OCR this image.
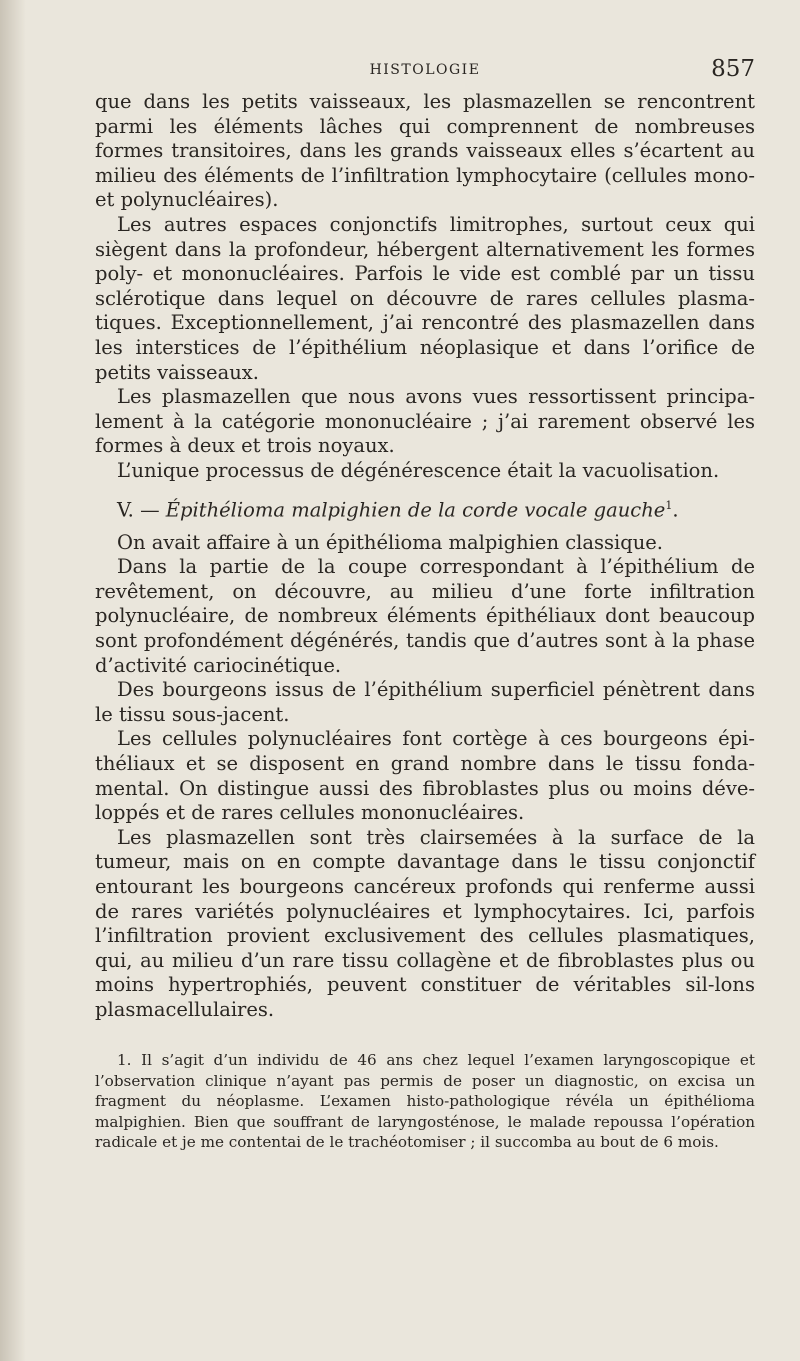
HISTOLOGIE	857

que dans les petits vaisseaux, les plasmazellen se rencontrent parmi les éléments lâches qui comprennent de nombreuses formes transitoires, dans les grands vaisseaux elles s’écartent au milieu des éléments de l’infiltration lymphocytaire (cellules mono- et polynucléaires).

Les autres espaces conjonctifs limitrophes, surtout ceux qui siègent dans la profondeur, hébergent alternativement les formes poly- et mononucléaires. Parfois le vide est comblé par un tissu sclérotique dans lequel on découvre de rares cellules plasma-tiques. Exceptionnellement, j’ai rencontré des plasmazellen dans les interstices de l’épithélium néoplasique et dans l’orifice de petits vaisseaux.

Les plasmazellen que nous avons vues ressortissent principa-lement à la catégorie mononucléaire ; j’ai rarement observé les formes à deux et trois noyaux.

L’unique processus de dégénérescence était la vacuolisation.

V. — Épithélioma malpighien de la corde vocale gauche$^1$.

On avait affaire à un épithélioma malpighien classique.

Dans la partie de la coupe correspondant à l’épithélium de revêtement, on découvre, au milieu d’une forte infiltration polynucléaire, de nombreux éléments épithéliaux dont beaucoup sont profondément dégénérés, tandis que d’autres sont à la phase d’activité cariocinétique.

Des bourgeons issus de l’épithélium superficiel pénètrent dans le tissu sous-jacent.

Les cellules polynucléaires font cortège à ces bourgeons épi-théliaux et se disposent en grand nombre dans le tissu fonda-mental. On distingue aussi des fibroblastes plus ou moins déve-loppés et de rares cellules mononucléaires.

Les plasmazellen sont très clairsemées à la surface de la tumeur, mais on en compte davantage dans le tissu conjonctif entourant les bourgeons cancéreux profonds qui renferme aussi de rares variétés polynucléaires et lymphocytaires. Ici, parfois l’infiltration provient exclusivement des cellules plasmatiques, qui, au milieu d’un rare tissu collagène et de fibroblastes plus ou moins hypertrophiés, peuvent constituer de véritables sil-lons plasmacellulaires.

1. Il s’agit d’un individu de 46 ans chez lequel l’examen laryngoscopique et l’observation clinique n’ayant pas permis de poser un diagnostic, on excisa un fragment du néoplasme. L’examen histo-pathologique révéla un épithélioma malpighien. Bien que souffrant de laryngosténose, le malade repoussa l’opération radicale et je me contentai de le trachéotomiser ; il succomba au bout de 6 mois.
